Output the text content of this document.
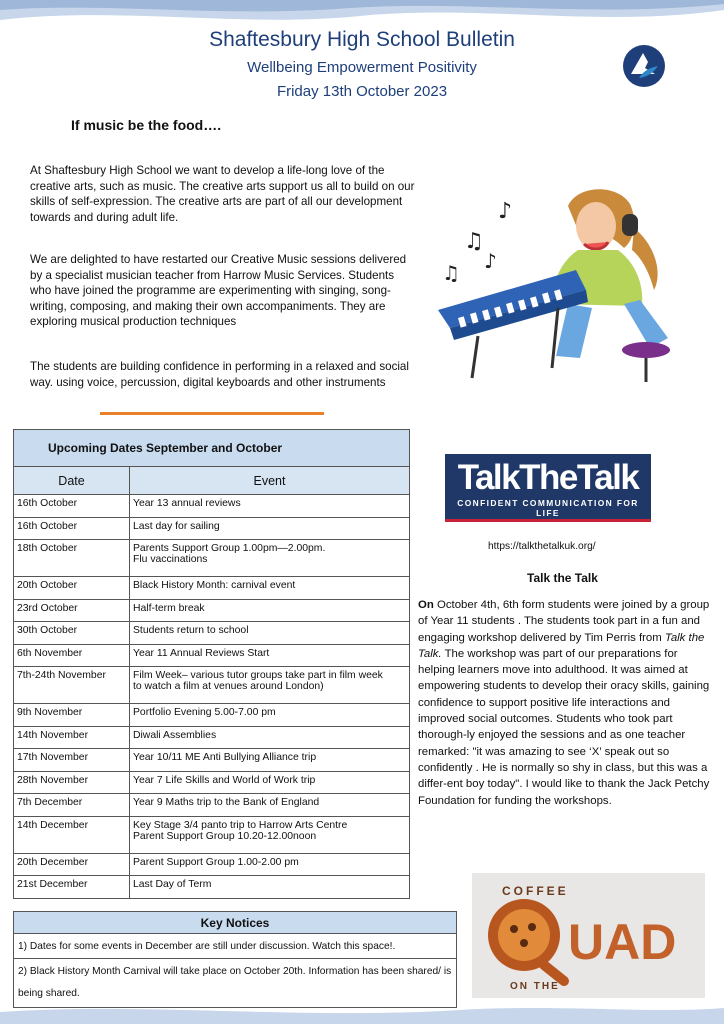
Shaftesbury High School Bulletin
Wellbeing Empowerment Positivity
Friday 13th October 2023
If music be the food….

At Shaftesbury High School we want to develop a life-long love of the creative arts, such as music. The creative arts support us all to build on our skills of self-expression. The creative arts are part of all our development towards and during adult life.

We are delighted to have restarted our Creative Music sessions delivered by a specialist musician teacher from Harrow Music Services. Students who have joined the programme are experimenting with singing, song-writing, composing, and making their own accompaniments. They are exploring musical production techniques

The students are building confidence in performing in a relaxed and social way. using voice, percussion, digital keyboards and other instruments

♪
♫
♪
♫
Upcoming Dates September and October	
Date	Event
16th October	Year 13 annual reviews
16th October	Last day for sailing
18th October	Parents Support Group 1.00pm—2.00pm.
Flu vaccinations

20th October	Black History Month: carnival event
23rd October	Half-term break
30th October	Students return to school
6th November	Year 11 Annual Reviews Start
7th-24th November	Film Week– various tutor groups take part in film week
to watch a film at venues around London)

9th November	Portfolio Evening 5.00-7.00 pm
14th November	Diwali Assemblies
17th November	Year 10/11 ME Anti Bullying Alliance trip
28th November	Year 7 Life Skills and World of Work trip
7th December	Year 9 Maths trip to the Bank of England
14th December	Key Stage 3/4 panto trip to Harrow Arts Centre
Parent Support Group 10.20-12.00noon

20th December	Parent Support Group 1.00-2.00 pm
21st December	Last Day of Term
Key Notices
1) Dates for some events in December are still under discussion. Watch this space!.
2) Black History Month Carnival will take place on October 20th. Information has been shared/ is being shared.
TalkTheTalk
CONFIDENT COMMUNICATION FOR LIFE
https://talkthetalkuk.org/
Talk the Talk

On October 4th, 6th form students were joined by a group of Year 11 students . The students took part in a fun and engaging workshop delivered by Tim Perris from Talk the Talk. The workshop was part of our preparations for helping learners move into adulthood. It was aimed at empowering students to develop their oracy skills, gaining confidence to support positive life interactions and improved social outcomes. Students who took part thorough-ly enjoyed the sessions and as one teacher remarked: "it was amazing to see ‘X’ speak out so confidently . He is normally so shy in class, but this was a differ-ent boy today". I would like to thank the Jack Petchy Foundation for funding the workshops.

COFFEE
UAD
ON THE
